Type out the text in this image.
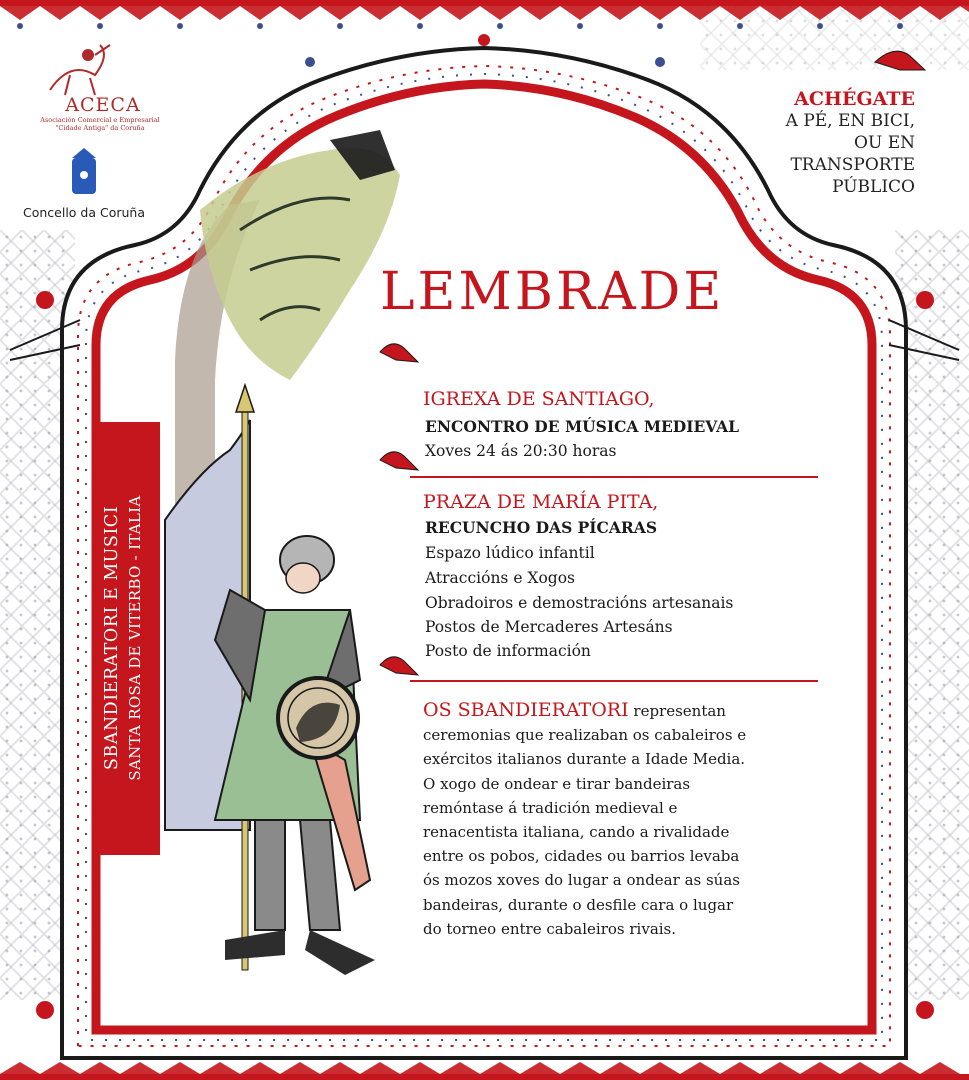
ACECA
Asociación Comercial e Empresarial "Cidade Antiga" da Coruña
Concello da Coruña
ACHÉGATE
A PÉ, EN BICI,
OU EN
TRANSPORTE
PÚBLICO
SBANDIERATORI E MUSICI SANTA ROSA DE VITERBO - ITALIA
LEMBRADE
IGREXA DE SANTIAGO,
ENCONTRO DE MÚSICA MEDIEVAL
Xoves 24 ás 20:30 horas
PRAZA DE MARÍA PITA,
RECUNCHO DAS PÍCARAS
Espazo lúdico infantil
Atraccións e Xogos
Obradoiros e demostracións artesanais
Postos de Mercaderes Artesáns
Posto de información
OS SBANDIERATORI representan
ceremonias que realizaban os cabaleiros e
exércitos italianos durante a Idade Media.
O xogo de ondear e tirar bandeiras
remóntase á tradición medieval e
renacentista italiana, cando a rivalidade
entre os pobos, cidades ou barrios levaba
ós mozos xoves do lugar a ondear as súas
bandeiras, durante o desfile cara o lugar
do torneo entre cabaleiros rivais.
